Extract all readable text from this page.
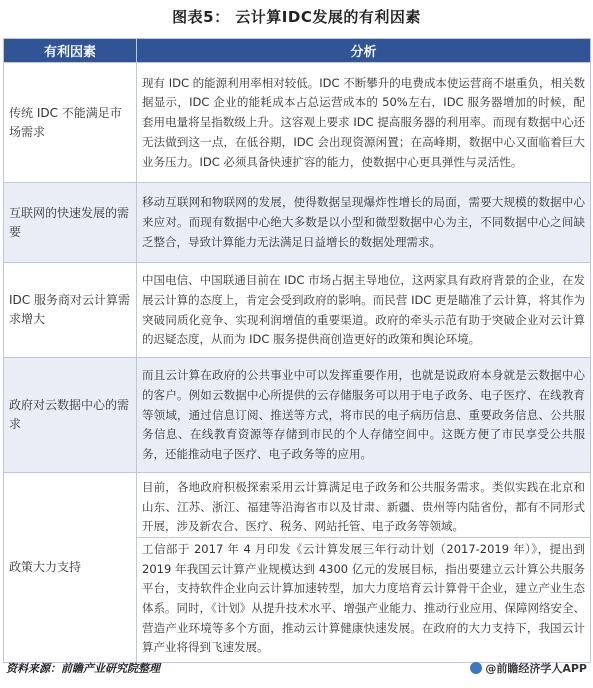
图表5： 云计算IDC发展的有利因素
有利因素	分析
传统 IDC 不能满足市场需求	现有 IDC 的能源利用率相对较低。IDC 不断攀升的电费成本使运营商不堪重负，相关数据显示，IDC 企业的能耗成本占总运营成本的 50%左右，IDC 服务器增加的时候，配套用电量将呈指数级上升。这容观上要求 IDC 提高服务器的利用率。而现有数据中心还无法做到这一点，在低谷期，IDC 会出现资源闲置；在高峰期，数据中心又面临着巨大业务压力。IDC 必须具备快速扩容的能力，使数据中心更具弹性与灵活性。

互联网的快速发展的需要	移动互联网和物联网的发展，使得数据呈现爆炸性增长的局面，需要大规模的数据中心来应对。而现有数据中心绝大多数是以小型和微型数据中心为主，不同数据中心之间缺乏整合，导致计算能力无法满足日益增长的数据处理需求。

IDC 服务商对云计算需求增大	中国电信、中国联通目前在 IDC 市场占据主导地位，这两家具有政府背景的企业，在发展云计算的态度上，肯定会受到政府的影响。而民营 IDC 更是瞄准了云计算，将其作为突破同质化竞争、实现利润增值的重要渠道。政府的牵头示范有助于突破企业对云计算的迟疑态度，从而为 IDC 服务提供商创造更好的政策和舆论环境。

政府对云数据中心的需求	而且云计算在政府的公共事业中可以发挥重要作用，也就是说政府本身就是云数据中心的客户。例如云数据中心所提供的云存储服务可以用于电子政务、电子医疗、在线教育等领域，通过信息订阅、推送等方式，将市民的电子病历信息、重要政务信息、公共服务信息、在线教育资源等存储到市民的个人存储空间中。这既方便了市民享受公共服务，还能推动电子医疗、电子政务等的应用。

政策大力支持	目前，各地政府积极探索采用云计算满足电子政务和公共服务需求。类似实践在北京和山东、江苏、浙江、福建等沿海省市以及甘肃、新疆、贵州等内陆省份，都有不同形式开展，涉及新农合、医疗、税务、网站托管、电子政务等领域。
工信部于 2017 年 4 月印发《云计算发展三年行动计划（2017-2019 年）》，提出到 2019 年我国云计算产业规模达到 4300 亿元的发展目标，指出要建立云计算公共服务平台，支持软件企业向云计算加速转型，加大力度培育云计算骨干企业，建立产业生态体系。同时，《计划》从提升技术水平、增强产业能力、推动行业应用、保障网络安全、营造产业环境等多个方面，推动云计算健康快速发展。在政府的大力支持下，我国云计算产业将得到飞速发展。
资料来源：前瞻产业研究院整理	@前瞻经济学人APP
